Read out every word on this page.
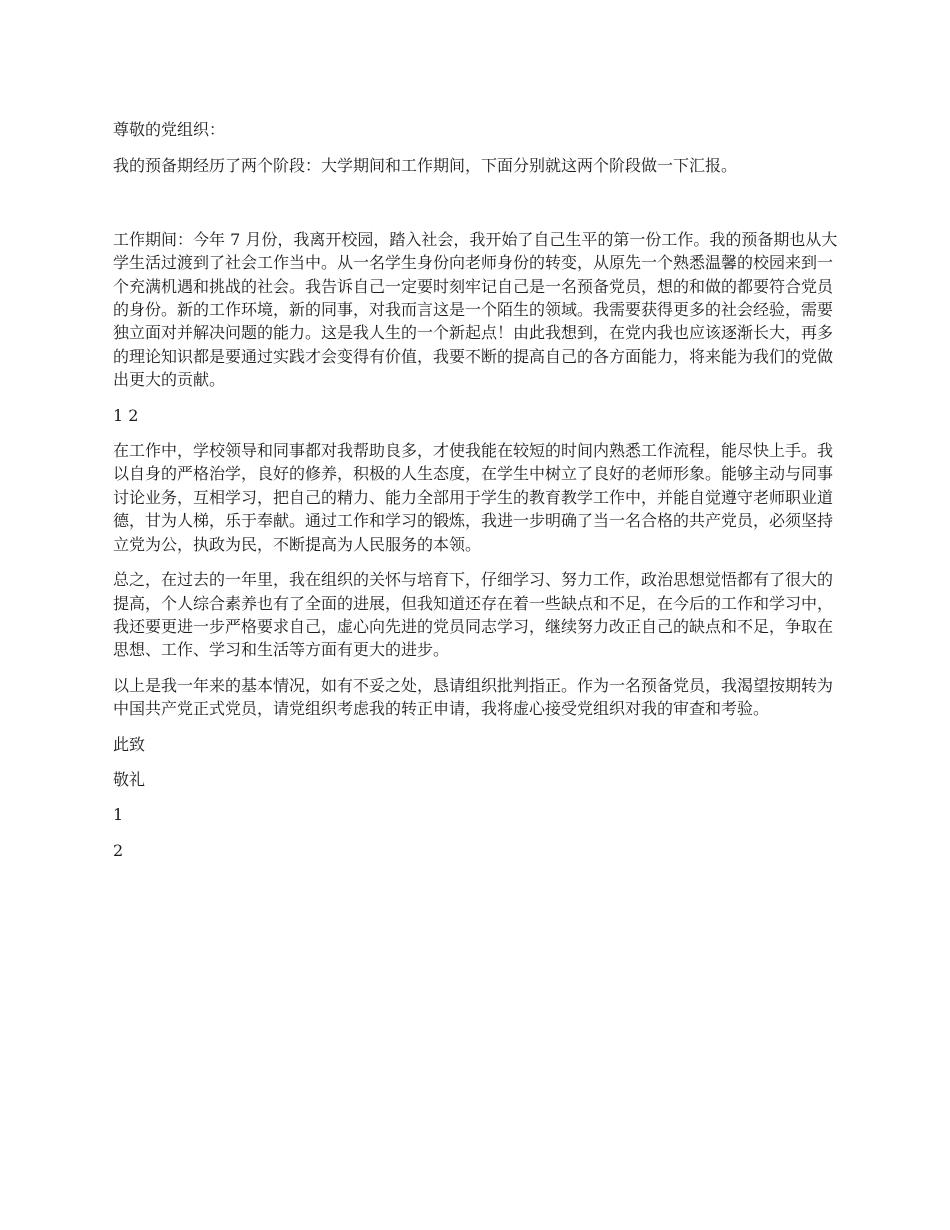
尊敬的党组织：

我的预备期经历了两个阶段：大学期间和工作期间，下面分别就这两个阶段做一下汇报。

工作期间：今年 7 月份，我离开校园，踏入社会，我开始了自己生平的第一份工作。我的预备期也从大学生活过渡到了社会工作当中。从一名学生身份向老师身份的转变，从原先一个熟悉温馨的校园来到一个充满机遇和挑战的社会。我告诉自己一定要时刻牢记自己是一名预备党员，想的和做的都要符合党员的身份。新的工作环境，新的同事，对我而言这是一个陌生的领域。我需要获得更多的社会经验，需要独立面对并解决问题的能力。这是我人生的一个新起点！由此我想到，在党内我也应该逐渐长大，再多的理论知识都是要通过实践才会变得有价值，我要不断的提高自己的各方面能力，将来能为我们的党做出更大的贡献。

1 2

在工作中，学校领导和同事都对我帮助良多，才使我能在较短的时间内熟悉工作流程，能尽快上手。我以自身的严格治学，良好的修养，积极的人生态度，在学生中树立了良好的老师形象。能够主动与同事讨论业务，互相学习，把自己的精力、能力全部用于学生的教育教学工作中，并能自觉遵守老师职业道德，甘为人梯，乐于奉献。通过工作和学习的锻炼，我进一步明确了当一名合格的共产党员，必须坚持立党为公，执政为民，不断提高为人民服务的本领。

总之，在过去的一年里，我在组织的关怀与培育下，仔细学习、努力工作，政治思想觉悟都有了很大的提高，个人综合素养也有了全面的进展，但我知道还存在着一些缺点和不足，在今后的工作和学习中，我还要更进一步严格要求自己，虚心向先进的党员同志学习，继续努力改正自己的缺点和不足，争取在思想、工作、学习和生活等方面有更大的进步。

以上是我一年来的基本情况，如有不妥之处，恳请组织批判指正。作为一名预备党员，我渴望按期转为中国共产党正式党员，请党组织考虑我的转正申请，我将虚心接受党组织对我的审查和考验。

此致

敬礼

1

2
